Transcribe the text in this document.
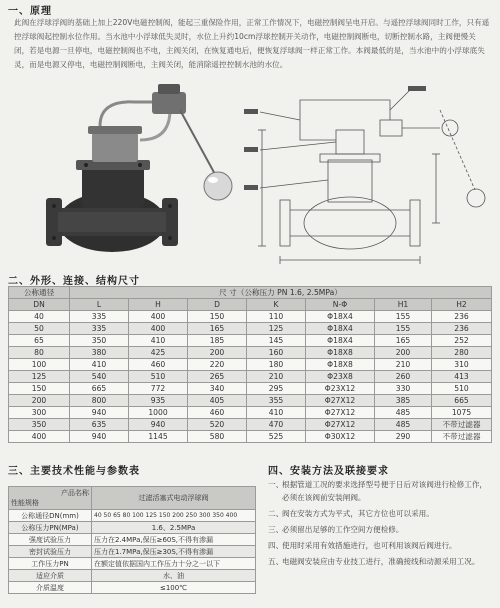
一、原理
此阀在浮球浮阀的基础上加上220V电磁控制阀，能起三重保险作用，正常工作情况下，电磁控制阀呈电开启。与遥控浮球阀同时工作，只有遥控浮球阀起控制水位作用。当水池中小浮球低失灵时，水位上升约10cm浮球控制开关动作，电磁控制阀断电，切断控制水路，主阀便慢关闭，若是电源一旦停电，电磁控制阀也不电，主阀关闭，在恢复通电后，便恢复浮球阀一样正常工作。本阀最低的是，当水池中的小浮球底失灵，而是电源又停电，电磁控制阀断电，主阀关闭，能消除遥控控制水池的水位。
二、外形、连接、结构尺寸
公称通径	尺 寸（公称压力 PN 1.6, 2.5MPa）						
DN	L	H	D	K	N-Φ	H1	H2
40	335	400	150	110	Φ18X4	155	236
50	335	400	165	125	Φ18X4	155	236
65	350	410	185	145	Φ18X4	165	252
80	380	425	200	160	Φ18X8	200	280
100	410	460	220	180	Φ18X8	210	310
125	540	510	265	210	Φ23X8	260	413
150	665	772	340	295	Φ23X12	330	510
200	800	935	405	355	Φ27X12	385	665
300	940	1000	460	410	Φ27X12	485	1075
350	635	940	520	470	Φ27X12	485	不带过滤器
400	940	1145	580	525	Φ30X12	290	不带过滤器
三、主要技术性能与参数表
产品名称
性能规格	过滤活塞式电动浮球阀
公称通径DN(mm)	40 50 65 80 100 125 150 200 250 300 350 400
公称压力PN(MPa)	1.6、2.5MPa
强度试验压力	压力在2.4MPa,保压≥60S,不得有渗漏
密封试验压力	压力在1.7MPa,保压≥30S,不得有渗漏
工作压力PN	在额定值依据国内工作压力十分之一以下
适应介质	水、油
介质温度	≤100℃
四、安装方法及联接要求
一、
根据管道工况的要求选择型号便于日后对该阀进行检修工作，必须在该阀前安装闸阀。
二、
阀在安装方式为平式，其它方位也可以采用。
三、
必须留出足够的工作空间方便检修。
四、
使用时采用有效措施进行，也可利用该阀后阀进行。
五、
电磁阀安装应由专业技工进行，准确接线和动源采用工况。
